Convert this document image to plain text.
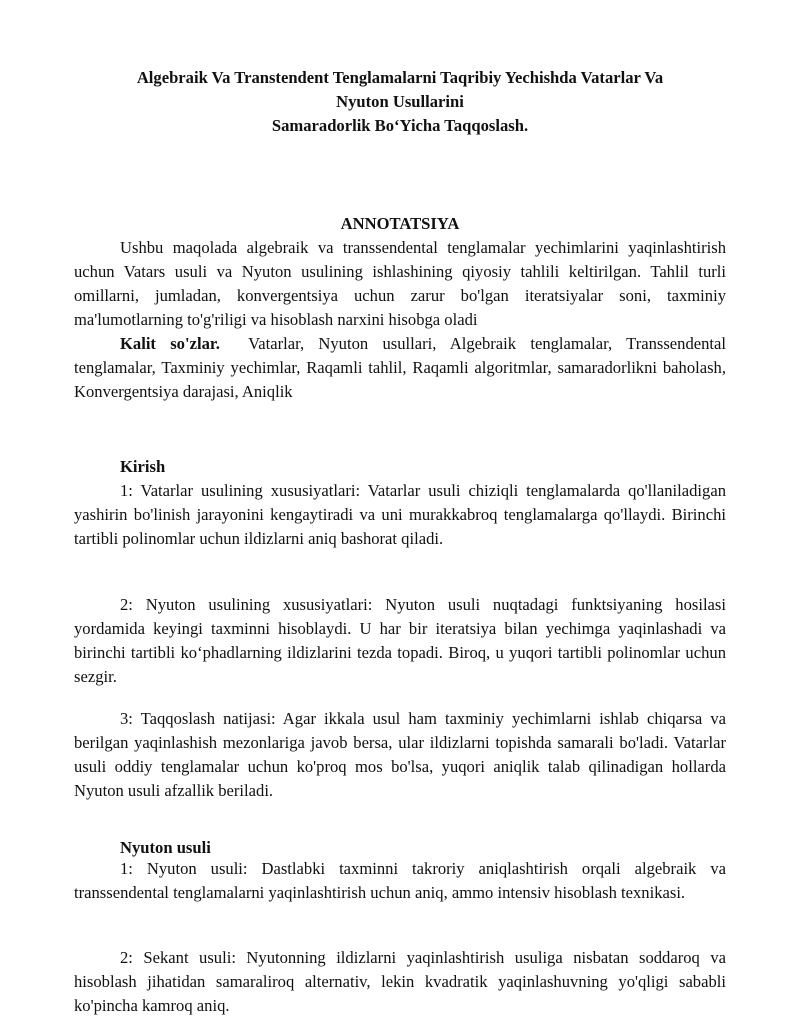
Algebraik Va Transtendent Tenglamalarni Taqribiy Yechishda Vatarlar Va
Nyuton Usullarini
Samaradorlik Bo‘Yicha Taqqoslash.
ANNOTATSIYA

Ushbu maqolada algebraik va transsendental tenglamalar yechimlarini yaqinlashtirish uchun Vatars usuli va Nyuton usulining ishlashining qiyosiy tahlili keltirilgan. Tahlil turli omillarni, jumladan, konvergentsiya uchun zarur bo'lgan iteratsiyalar soni, taxminiy ma'lumotlarning to'g'riligi va hisoblash narxini hisobga oladi

Kalit so'zlar. Vatarlar, Nyuton usullari, Algebraik tenglamalar, Transsendental tenglamalar, Taxminiy yechimlar, Raqamli tahlil, Raqamli algoritmlar, samaradorlikni baholash, Konvergentsiya darajasi, Aniqlik

Kirish

1: Vatarlar usulining xususiyatlari: Vatarlar usuli chiziqli tenglamalarda qo'llaniladigan yashirin bo'linish jarayonini kengaytiradi va uni murakkabroq tenglamalarga qo'llaydi. Birinchi tartibli polinomlar uchun ildizlarni aniq bashorat qiladi.

2: Nyuton usulining xususiyatlari: Nyuton usuli nuqtadagi funktsiyaning hosilasi yordamida keyingi taxminni hisoblaydi. U har bir iteratsiya bilan yechimga yaqinlashadi va birinchi tartibli ko‘phadlarning ildizlarini tezda topadi. Biroq, u yuqori tartibli polinomlar uchun sezgir.

3: Taqqoslash natijasi: Agar ikkala usul ham taxminiy yechimlarni ishlab chiqarsa va berilgan yaqinlashish mezonlariga javob bersa, ular ildizlarni topishda samarali bo'ladi. Vatarlar usuli oddiy tenglamalar uchun ko'proq mos bo'lsa, yuqori aniqlik talab qilinadigan hollarda Nyuton usuli afzallik beriladi.

Nyuton usuli

1: Nyuton usuli: Dastlabki taxminni takroriy aniqlashtirish orqali algebraik va transsendental tenglamalarni yaqinlashtirish uchun aniq, ammo intensiv hisoblash texnikasi.

2: Sekant usuli: Nyutonning ildizlarni yaqinlashtirish usuliga nisbatan soddaroq va hisoblash jihatidan samaraliroq alternativ, lekin kvadratik yaqinlashuvning yo'qligi sababli ko'pincha kamroq aniq.
